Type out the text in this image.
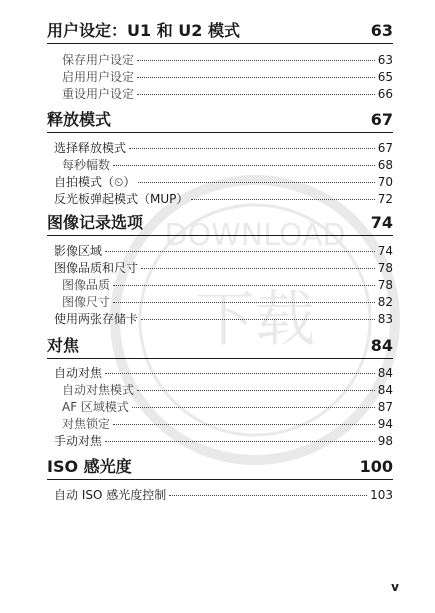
下载
DOWNLOAD
用户设定：U1 和 U2 模式	63
保存用户设定	63
启用用户设定	65
重设用户设定	66
释放模式	67
选择释放模式	67
每秒幅数	68
自拍模式（⏲）	70
反光板弹起模式（MUP）	72
图像记录选项	74
影像区域	74
图像品质和尺寸	78
图像品质	78
图像尺寸	82
使用两张存储卡	83
对焦	84
自动对焦	84
自动对焦模式	84
AF 区域模式	87
对焦锁定	94
手动对焦	98
ISO 感光度	100
自动 ISO 感光度控制	103
v
